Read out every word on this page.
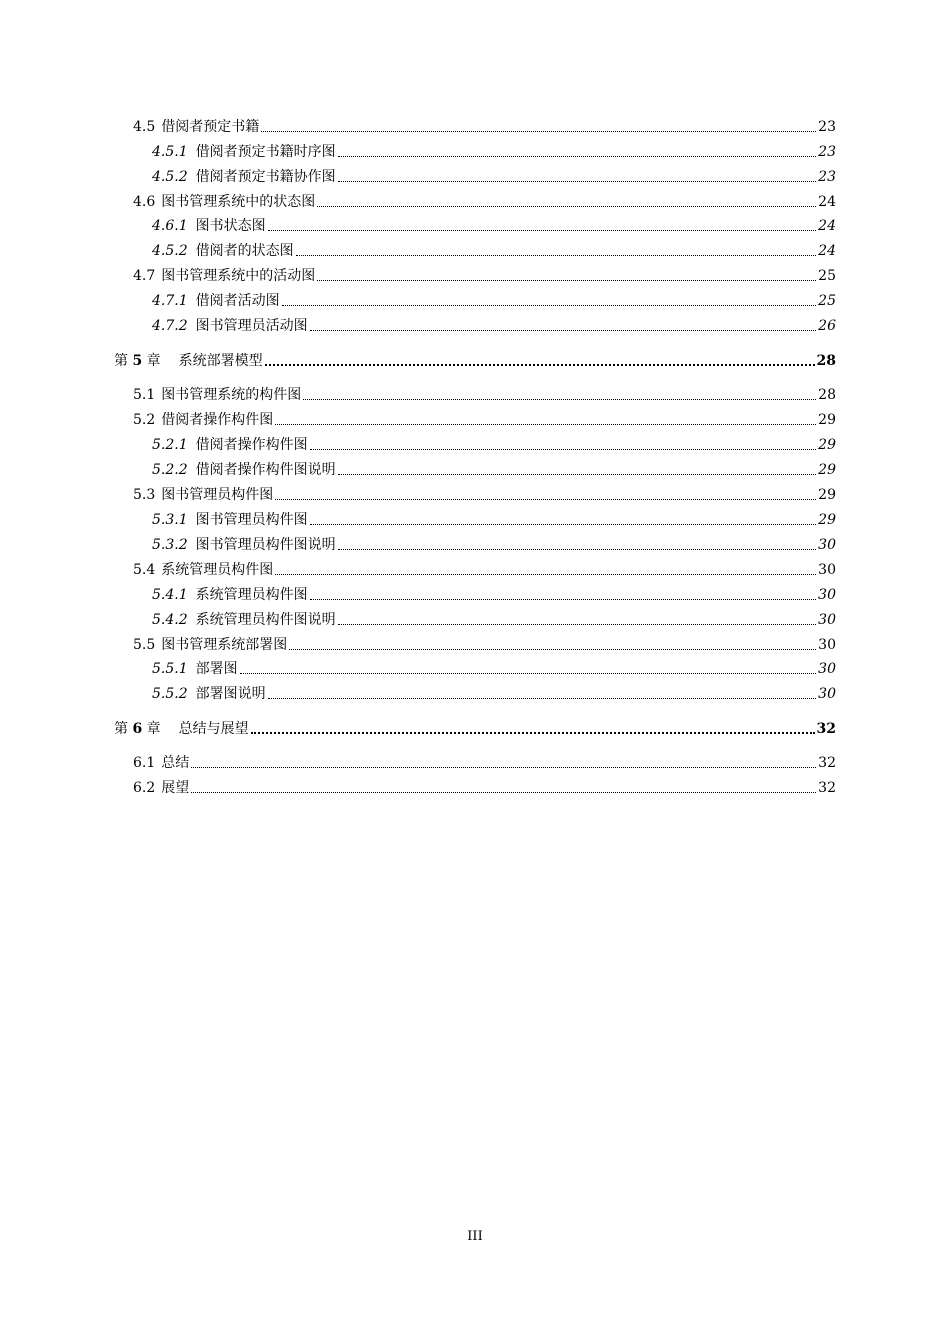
4.5 借阅者预定书籍	23
4.5.1 借阅者预定书籍时序图	23
4.5.2 借阅者预定书籍协作图	23
4.6 图书管理系统中的状态图	24
4.6.1 图书状态图	24
4.5.2 借阅者的状态图	24
4.7 图书管理系统中的活动图	25
4.7.1 借阅者活动图	25
4.7.2 图书管理员活动图	26
第 5 章 系统部署模型	28
5.1 图书管理系统的构件图	28
5.2 借阅者操作构件图	29
5.2.1 借阅者操作构件图	29
5.2.2 借阅者操作构件图说明	29
5.3 图书管理员构件图	29
5.3.1 图书管理员构件图	29
5.3.2 图书管理员构件图说明	30
5.4 系统管理员构件图	30
5.4.1 系统管理员构件图	30
5.4.2 系统管理员构件图说明	30
5.5 图书管理系统部署图	30
5.5.1 部署图	30
5.5.2 部署图说明	30
第 6 章 总结与展望	32
6.1 总结	32
6.2 展望	32
III
